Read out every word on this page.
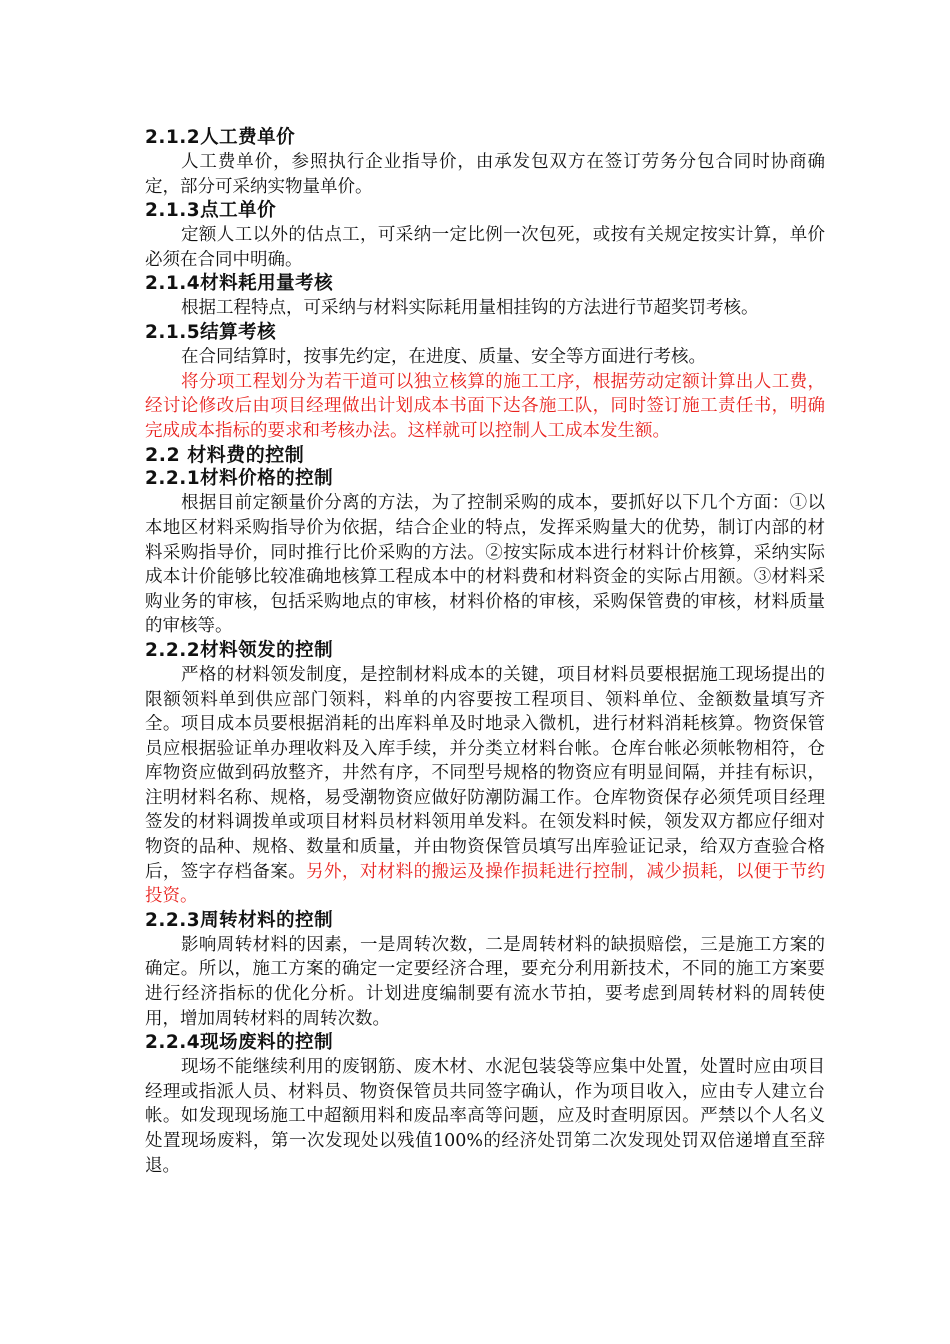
2.1.2人工费单价
人工费单价，参照执行企业指导价，由承发包双方在签订劳务分包合同时协商确定，部分可采纳实物量单价。
2.1.3点工单价
定额人工以外的估点工，可采纳一定比例一次包死，或按有关规定按实计算，单价必须在合同中明确。
2.1.4材料耗用量考核
根据工程特点，可采纳与材料实际耗用量相挂钩的方法进行节超奖罚考核。
2.1.5结算考核
在合同结算时，按事先约定，在进度、质量、安全等方面进行考核。
将分项工程划分为若干道可以独立核算的施工工序，根据劳动定额计算出人工费，经讨论修改后由项目经理做出计划成本书面下达各施工队，同时签订施工责任书，明确完成成本指标的要求和考核办法。这样就可以控制人工成本发生额。
2.2 材料费的控制
2.2.1材料价格的控制
根据目前定额量价分离的方法，为了控制采购的成本，要抓好以下几个方面：①以本地区材料采购指导价为依据，结合企业的特点，发挥采购量大的优势，制订内部的材料采购指导价，同时推行比价采购的方法。②按实际成本进行材料计价核算，采纳实际成本计价能够比较准确地核算工程成本中的材料费和材料资金的实际占用额。③材料采购业务的审核，包括采购地点的审核，材料价格的审核，采购保管费的审核，材料质量的审核等。
2.2.2材料领发的控制
严格的材料领发制度，是控制材料成本的关键，项目材料员要根据施工现场提出的限额领料单到供应部门领料，料单的内容要按工程项目、领料单位、金额数量填写齐全。项目成本员要根据消耗的出库料单及时地录入微机，进行材料消耗核算。物资保管员应根据验证单办理收料及入库手续，并分类立材料台帐。仓库台帐必须帐物相符，仓库物资应做到码放整齐，井然有序，不同型号规格的物资应有明显间隔，并挂有标识，注明材料名称、规格，易受潮物资应做好防潮防漏工作。仓库物资保存必须凭项目经理签发的材料调拨单或项目材料员材料领用单发料。在领发料时候，领发双方都应仔细对物资的品种、规格、数量和质量，并由物资保管员填写出库验证记录，给双方查验合格后，签字存档备案。另外，对材料的搬运及操作损耗进行控制，减少损耗，以便于节约投资。
2.2.3周转材料的控制
影响周转材料的因素，一是周转次数，二是周转材料的缺损赔偿，三是施工方案的确定。所以，施工方案的确定一定要经济合理，要充分利用新技术，不同的施工方案要进行经济指标的优化分析。计划进度编制要有流水节拍，要考虑到周转材料的周转使用，增加周转材料的周转次数。
2.2.4现场废料的控制
现场不能继续利用的废钢筋、废木材、水泥包装袋等应集中处置，处置时应由项目经理或指派人员、材料员、物资保管员共同签字确认，作为项目收入，应由专人建立台帐。如发现现场施工中超额用料和废品率高等问题，应及时查明原因。严禁以个人名义处置现场废料，第一次发现处以残值100%的经济处罚第二次发现处罚双倍递增直至辞退。
